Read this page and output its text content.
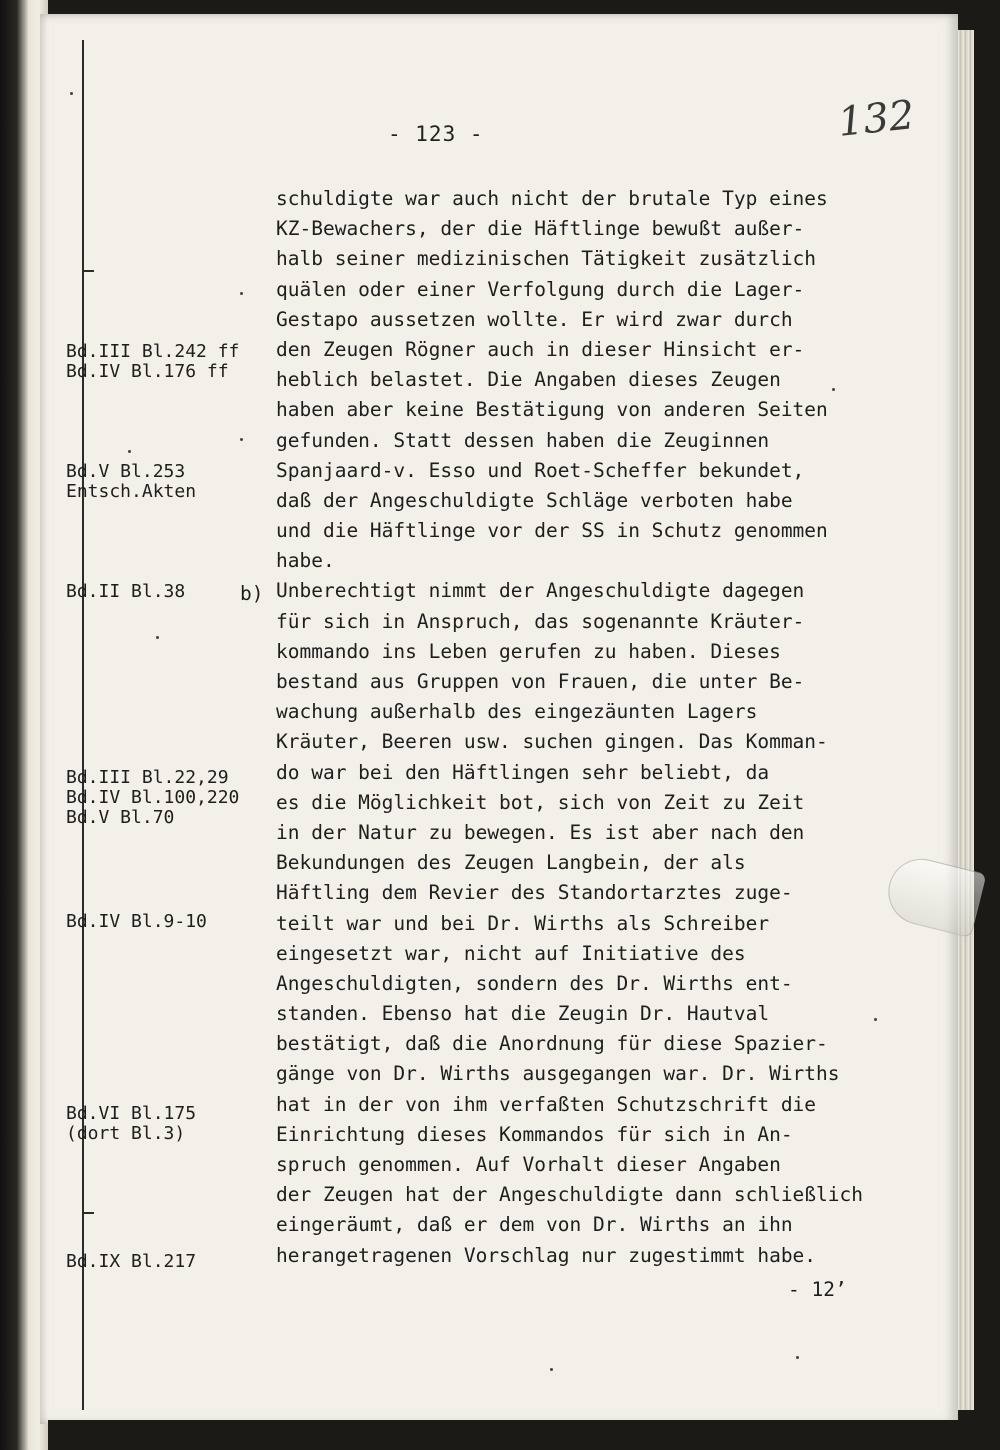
- 123 -	132
schuldigte war auch nicht der brutale Typ eines
KZ-Bewachers, der die Häftlinge bewußt außer-
halb seiner medizinischen Tätigkeit zusätzlich
quälen oder einer Verfolgung durch die Lager-
Gestapo aussetzen wollte. Er wird zwar durch
den Zeugen Rögner auch in dieser Hinsicht er-
heblich belastet. Die Angaben dieses Zeugen
haben aber keine Bestätigung von anderen Seiten
gefunden. Statt dessen haben die Zeuginnen
Spanjaard-v. Esso und Roet-Scheffer bekundet,
daß der Angeschuldigte Schläge verboten habe
und die Häftlinge vor der SS in Schutz genommen
habe.
Unberechtigt nimmt der Angeschuldigte dagegen
für sich in Anspruch, das sogenannte Kräuter-
kommando ins Leben gerufen zu haben. Dieses
bestand aus Gruppen von Frauen, die unter Be-
wachung außerhalb des eingezäunten Lagers
Kräuter, Beeren usw. suchen gingen. Das Komman-
do war bei den Häftlingen sehr beliebt, da
es die Möglichkeit bot, sich von Zeit zu Zeit
in der Natur zu bewegen. Es ist aber nach den
Bekundungen des Zeugen Langbein, der als
Häftling dem Revier des Standortarztes zuge-
teilt war und bei Dr. Wirths als Schreiber
eingesetzt war, nicht auf Initiative des
Angeschuldigten, sondern des Dr. Wirths ent-
standen. Ebenso hat die Zeugin Dr. Hautval
bestätigt, daß die Anordnung für diese Spazier-
gänge von Dr. Wirths ausgegangen war. Dr. Wirths
hat in der von ihm verfaßten Schutzschrift die
Einrichtung dieses Kommandos für sich in An-
spruch genommen. Auf Vorhalt dieser Angaben
der Zeugen hat der Angeschuldigte dann schließlich
eingeräumt, daß er dem von Dr. Wirths an ihn
herangetragenen Vorschlag nur zugestimmt habe.
b)
Bd.III Bl.242 ff
Bd.IV Bl.176 ff
Bd.V Bl.253
Entsch.Akten
Bd.II Bl.38
Bd.III Bl.22,29
Bd.IV Bl.100,220
Bd.V Bl.70
Bd.IV Bl.9-10
Bd.VI Bl.175
(dort Bl.3)
Bd.IX Bl.217
- 12’
